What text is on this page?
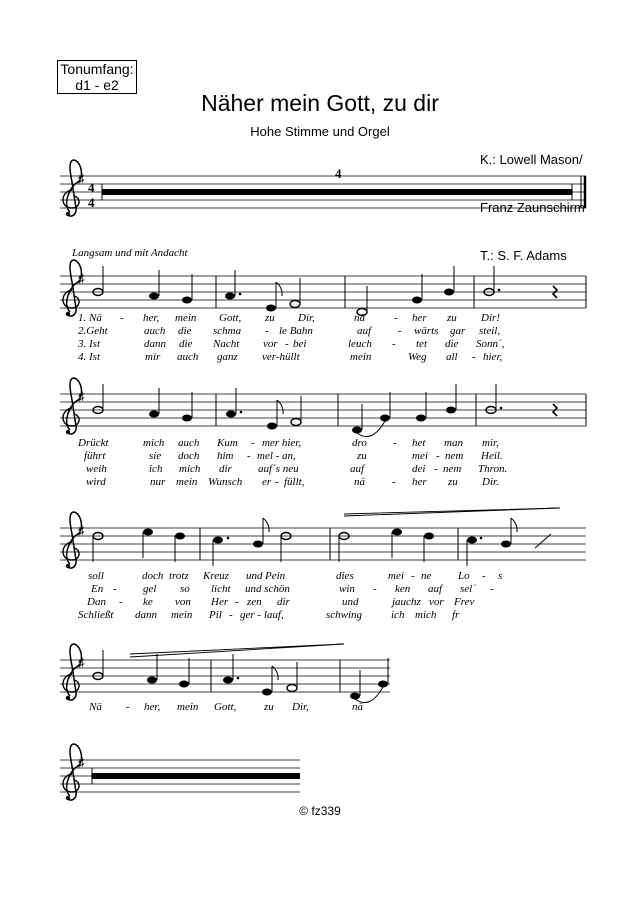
Tonumfang:
d1 - e2
Näher mein Gott, zu dir
Hohe Stimme und Orgel

K.: Lowell Mason/

Franz Zaunschirm

T.: S. F. Adams

Langsam und mit Andacht
© fz339
♯
4
4
4
♯
♯
♯
♯
♯
1. Nä - her, mein Gott, zu Dir,	nä	- her zu Dir!
2.Geht	auch die schma - le Bahn	auf - wärts gar steil,
3. Ist	dann die Nacht vor - bei	leuch - tet die Sonn´,
4. Ist	mir auch ganz ver-hüllt	mein	Weg all - hier,
Drückt	mich auch Kum - mer hier,	dro - het man mir,
führt	sie doch him - mel - an,	zu	mei - nem Heil.
weih	ich mich dir auf´s neu	auf	dei - nem Thron.
wird	nur mein Wunsch er - füllt,	nä - her zu Dir.
soll	doch trotz Kreuz und Pein	dies	mei - ne Lo - s
En - gel so licht und schön	win - ken auf sel´ -
Dan - ke von Her - zen dir	und	jauchz vor Frev
Schließt dann mein Pil - ger - lauf,	schwing	ich mich fr
Nä - her, mein Gott,	zu Dir,	nä
